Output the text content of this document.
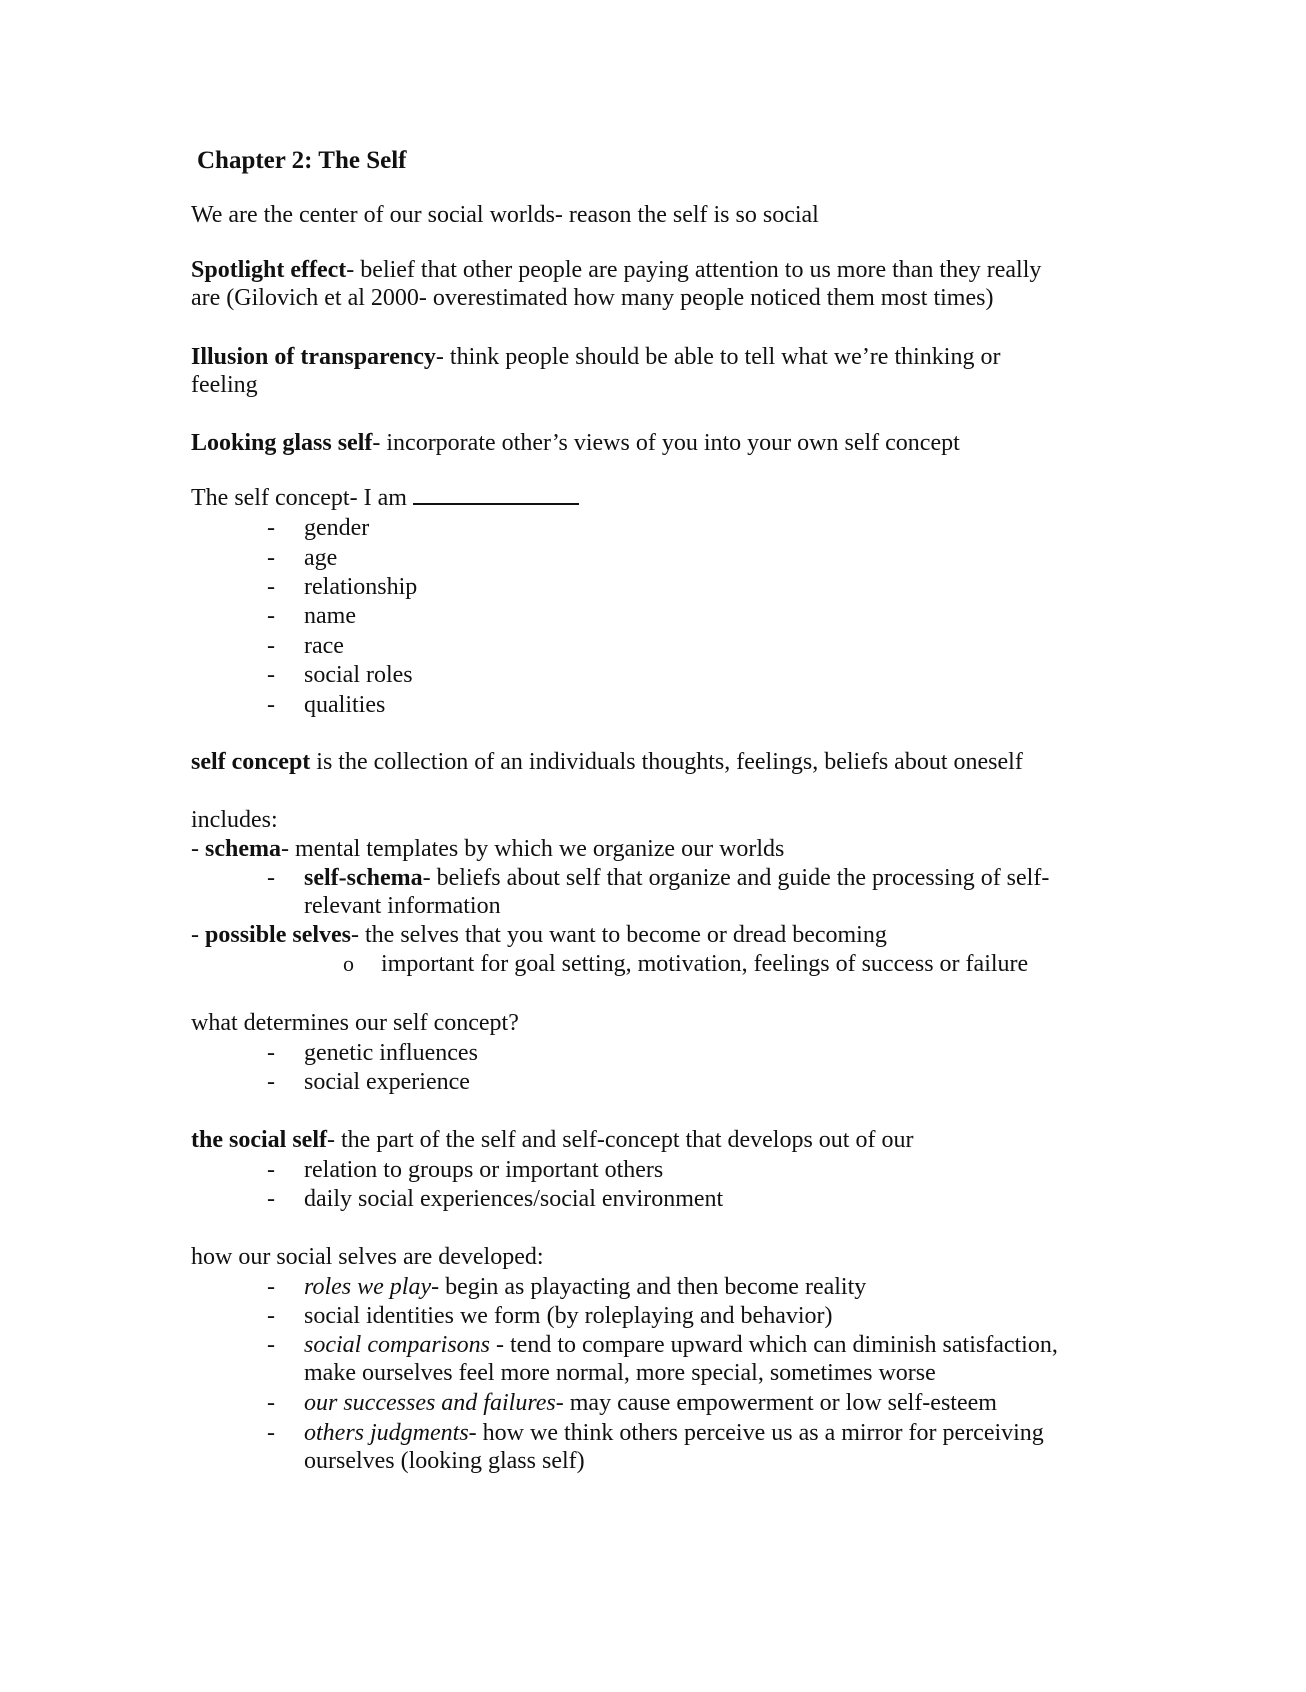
Chapter 2: The Self
We are the center of our social worlds- reason the self is so social
Spotlight effect- belief that other people are paying attention to us more than they really
are (Gilovich et al 2000- overestimated how many people noticed them most times)
Illusion of transparency- think people should be able to tell what we’re thinking or
feeling
Looking glass self- incorporate other’s views of you into your own self concept
The self concept- I am
- gender
- age
- relationship
- name
- race
- social roles
- qualities
self concept is the collection of an individuals thoughts, feelings, beliefs about oneself
includes:
- schema- mental templates by which we organize our worlds
- self-schema- beliefs about self that organize and guide the processing of self-
relevant information
- possible selves- the selves that you want to become or dread becoming
o important for goal setting, motivation, feelings of success or failure
what determines our self concept?
- genetic influences
- social experience
the social self- the part of the self and self-concept that develops out of our
- relation to groups or important others
- daily social experiences/social environment
how our social selves are developed:
- roles we play- begin as playacting and then become reality
- social identities we form (by roleplaying and behavior)
- social comparisons - tend to compare upward which can diminish satisfaction,
make ourselves feel more normal, more special, sometimes worse
- our successes and failures- may cause empowerment or low self-esteem
- others judgments- how we think others perceive us as a mirror for perceiving
ourselves (looking glass self)
